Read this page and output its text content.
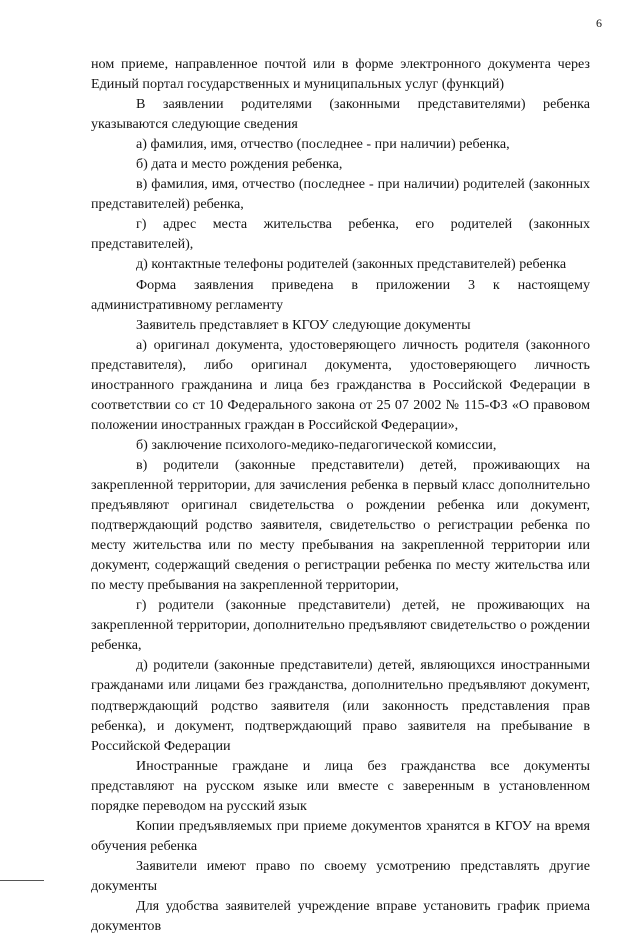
6

ном приеме, направленное почтой или в форме электронного документа через Единый портал государственных и муниципальных услуг (функций)

В заявлении родителями (законными представителями) ребенка указываются следующие сведения

а) фамилия, имя, отчество (последнее - при наличии) ребенка,

б) дата и место рождения ребенка,

в) фамилия, имя, отчество (последнее - при наличии) родителей (законных представителей) ребенка,

г) адрес места жительства ребенка, его родителей (законных представителей),

д) контактные телефоны родителей (законных представителей) ребенка

Форма заявления приведена в приложении 3 к настоящему административному регламенту

Заявитель представляет в КГОУ следующие документы

а) оригинал документа, удостоверяющего личность родителя (законного представителя), либо оригинал документа, удостоверяющего личность иностранного гражданина и лица без гражданства в Российской Федерации в соответствии со ст 10 Федерального закона от 25 07 2002 № 115-ФЗ «О правовом положении иностранных граждан в Российской Федерации»,

б) заключение психолого-медико-педагогической комиссии,

в) родители (законные представители) детей, проживающих на закрепленной территории, для зачисления ребенка в первый класс дополнительно предъявляют оригинал свидетельства о рождении ребенка или документ, подтверждающий родство заявителя, свидетельство о регистрации ребенка по месту жительства или по месту пребывания на закрепленной территории или документ, содержащий сведения о регистрации ребенка по месту жительства или по месту пребывания на закрепленной территории,

г) родители (законные представители) детей, не проживающих на закрепленной территории, дополнительно предъявляют свидетельство о рождении ребенка,

д) родители (законные представители) детей, являющихся иностранными гражданами или лицами без гражданства, дополнительно предъявляют документ, подтверждающий родство заявителя (или законность представления прав ребенка), и документ, подтверждающий право заявителя на пребывание в Российской Федерации

Иностранные граждане и лица без гражданства все документы представляют на русском языке или вместе с заверенным в установленном порядке переводом на русский язык

Копии предъявляемых при приеме документов хранятся в КГОУ на время обучения ребенка

Заявители имеют право по своему усмотрению представлять другие документы

Для удобства заявителей учреждение вправе установить график приема документов
